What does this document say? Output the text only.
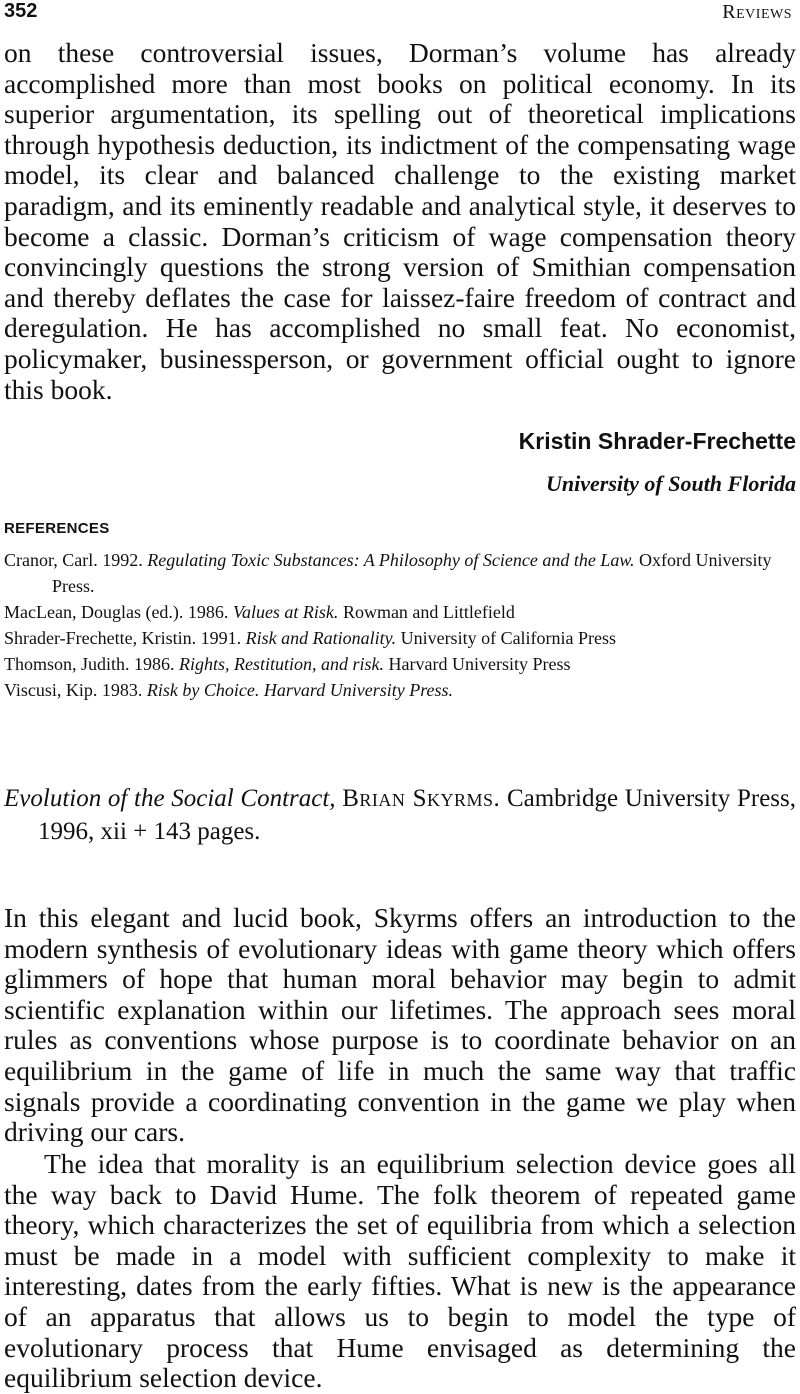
352	Reviews

on these controversial issues, Dorman’s volume has already accomplished more than most books on political economy. In its superior argumentation, its spelling out of theoretical implications through hypothesis deduction, its indictment of the compensating wage model, its clear and balanced challenge to the existing market paradigm, and its eminently readable and analytical style, it deserves to become a classic. Dorman’s criticism of wage compensation theory convincingly questions the strong version of Smithian compensation and thereby deflates the case for laissez-faire freedom of contract and deregulation. He has accomplished no small feat. No economist, policymaker, businessperson, or government official ought to ignore this book.

Kristin Shrader-Frechette
University of South Florida
REFERENCES

Cranor, Carl. 1992. Regulating Toxic Substances: A Philosophy of Science and the Law. Oxford University Press.

MacLean, Douglas (ed.). 1986. Values at Risk. Rowman and Littlefield

Shrader-Frechette, Kristin. 1991. Risk and Rationality. University of California Press

Thomson, Judith. 1986. Rights, Restitution, and risk. Harvard University Press

Viscusi, Kip. 1983. Risk by Choice. Harvard University Press.

Evolution of the Social Contract, Brian Skyrms. Cambridge University Press, 1996, xii + 143 pages.

In this elegant and lucid book, Skyrms offers an introduction to the modern synthesis of evolutionary ideas with game theory which offers glimmers of hope that human moral behavior may begin to admit scientific explanation within our lifetimes. The approach sees moral rules as conventions whose purpose is to coordinate behavior on an equilibrium in the game of life in much the same way that traffic signals provide a coordinating convention in the game we play when driving our cars.

The idea that morality is an equilibrium selection device goes all the way back to David Hume. The folk theorem of repeated game theory, which characterizes the set of equilibria from which a selection must be made in a model with sufficient complexity to make it interesting, dates from the early fifties. What is new is the appearance of an apparatus that allows us to begin to model the type of evolutionary process that Hume envisaged as determining the equilibrium selection device.
